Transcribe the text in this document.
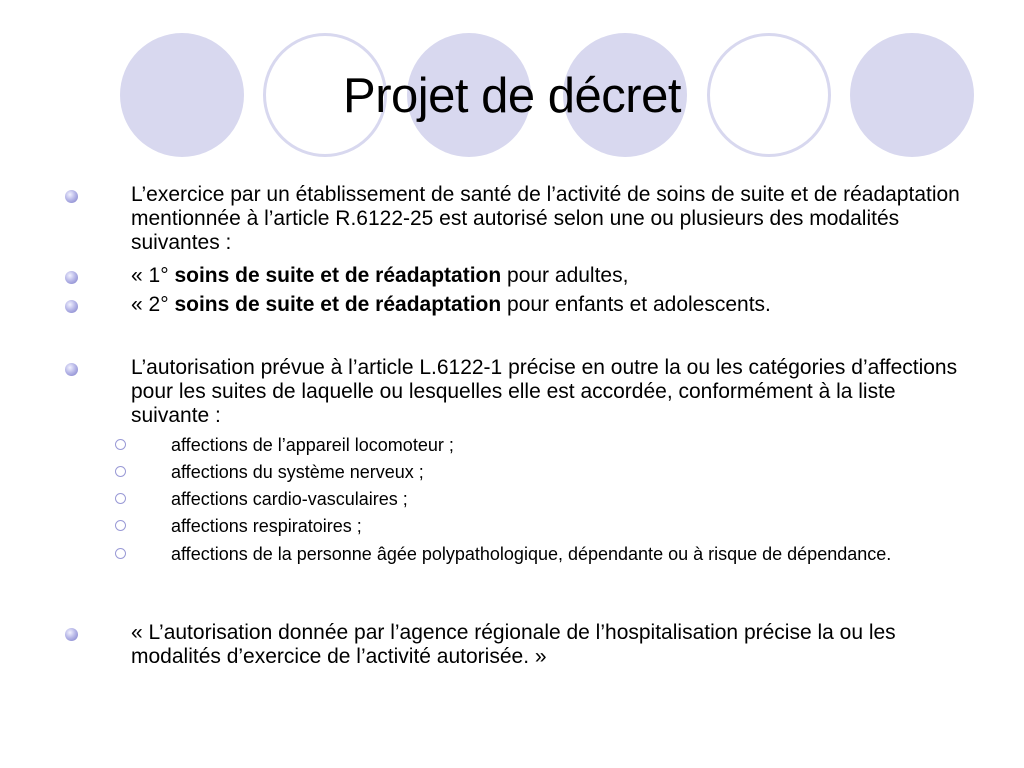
Projet de décret
L’exercice par un établissement de santé de l’activité de soins de suite et de réadaptation mentionnée à l’article R.6122-25 est autorisé selon une ou plusieurs des modalités suivantes :
« 1° soins de suite et de réadaptation pour adultes,
« 2° soins de suite et de réadaptation pour enfants et adolescents.
L’autorisation prévue à l’article L.6122-1 précise en outre la ou les catégories d’affections pour les suites de laquelle ou lesquelles elle est accordée, conformément à la liste suivante :
affections de l’appareil locomoteur ;
affections du système nerveux ;
affections cardio-vasculaires ;
affections respiratoires ;
affections de la personne âgée polypathologique, dépendante ou à risque de dépendance.
« L’autorisation donnée par l’agence régionale de l’hospitalisation précise la ou les modalités d’exercice de l’activité autorisée. »
